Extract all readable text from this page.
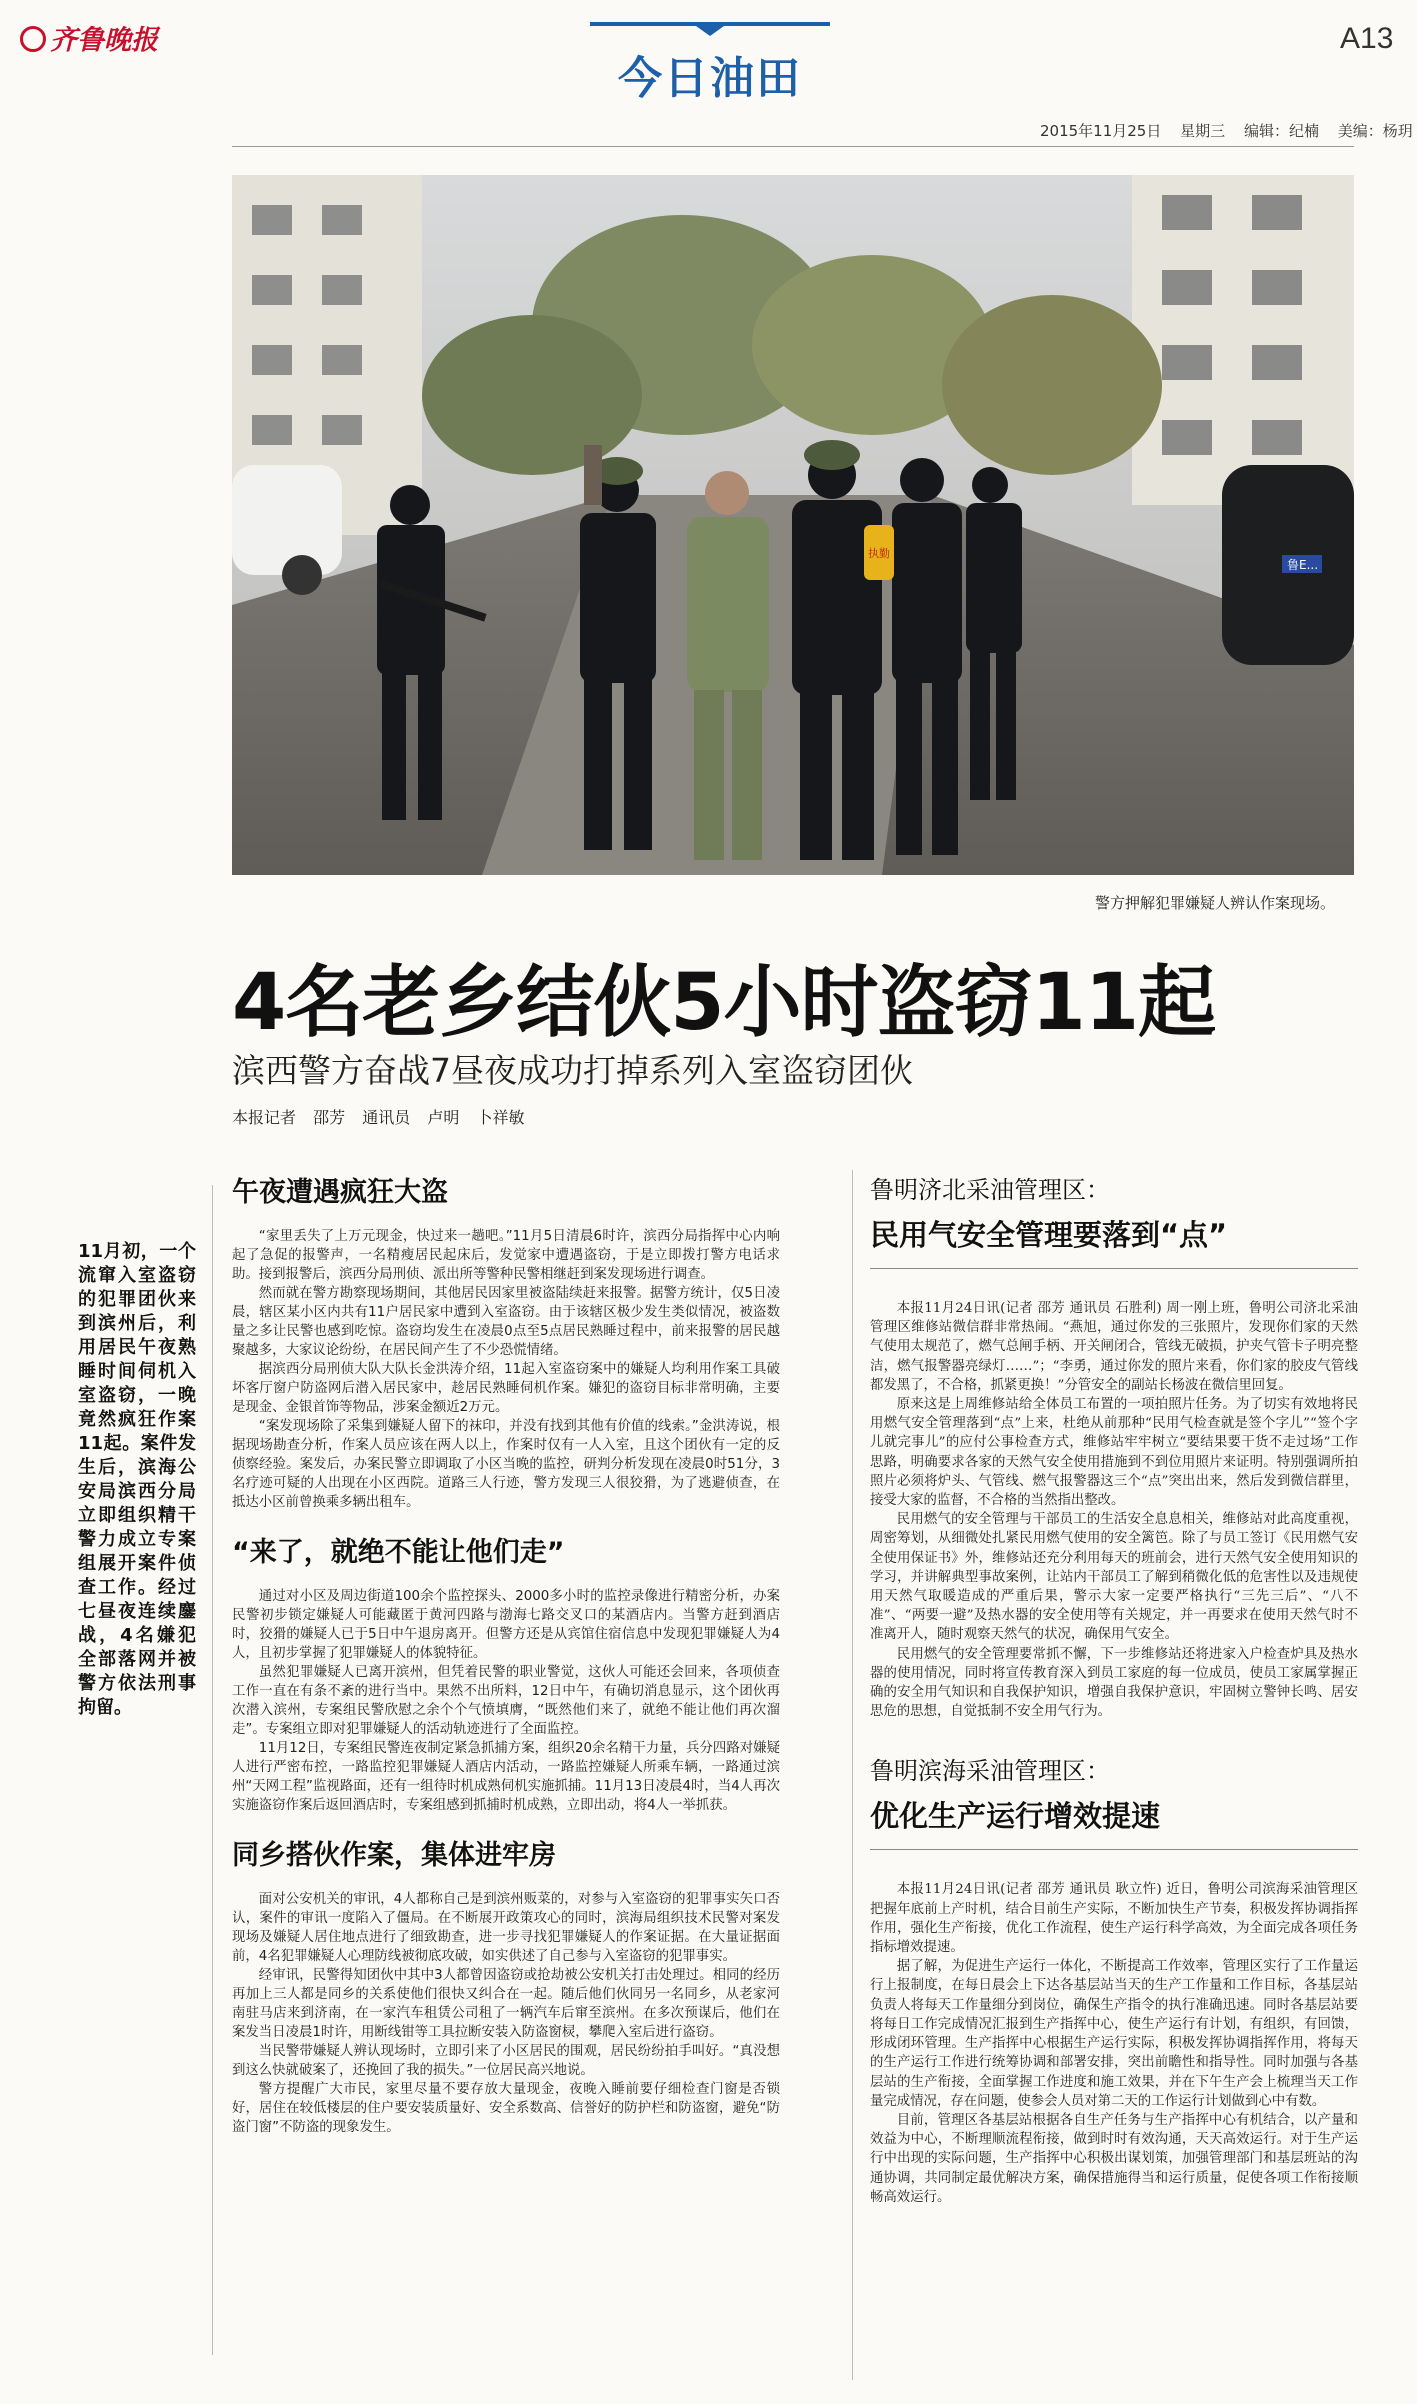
齐鲁晚报
今日油田
A13
2015年11月25日 星期三 编辑：纪楠 美编：杨玥
鲁E...
执勤
警方押解犯罪嫌疑人辨认作案现场。
4名老乡结伙5小时盗窃11起
滨西警方奋战7昼夜成功打掉系列入室盗窃团伙
本报记者 邵芳 通讯员 卢明 卜祥敏
11月初，一个流窜入室盗窃的犯罪团伙来到滨州后，利用居民午夜熟睡时间伺机入室盗窃，一晚竟然疯狂作案11起。案件发生后，滨海公安局滨西分局立即组织精干警力成立专案组展开案件侦查工作。经过七昼夜连续鏖战，4名嫌犯全部落网并被警方依法刑事拘留。
午夜遭遇疯狂大盗

“家里丢失了上万元现金，快过来一趟吧。”11月5日清晨6时许，滨西分局指挥中心内响起了急促的报警声，一名精瘦居民起床后，发觉家中遭遇盗窃，于是立即拨打警方电话求助。接到报警后，滨西分局刑侦、派出所等警种民警相继赶到案发现场进行调查。

然而就在警方勘察现场期间，其他居民因家里被盗陆续赶来报警。据警方统计，仅5日凌晨，辖区某小区内共有11户居民家中遭到入室盗窃。由于该辖区极少发生类似情况，被盗数量之多让民警也感到吃惊。盗窃均发生在凌晨0点至5点居民熟睡过程中，前来报警的居民越聚越多，大家议论纷纷，在居民间产生了不少恐慌情绪。

据滨西分局刑侦大队大队长金洪涛介绍，11起入室盗窃案中的嫌疑人均利用作案工具破坏客厅窗户防盗网后潜入居民家中，趁居民熟睡伺机作案。嫌犯的盗窃目标非常明确，主要是现金、金银首饰等物品，涉案金额近2万元。

“案发现场除了采集到嫌疑人留下的袜印，并没有找到其他有价值的线索。”金洪涛说，根据现场勘查分析，作案人员应该在两人以上，作案时仅有一人入室，且这个团伙有一定的反侦察经验。案发后，办案民警立即调取了小区当晚的监控，研判分析发现在凌晨0时51分，3名疗迹可疑的人出现在小区西院。道路三人行迹，警方发现三人很狡猾，为了逃避侦查，在抵达小区前曾换乘多辆出租车。

“来了，就绝不能让他们走”

通过对小区及周边街道100余个监控探头、2000多小时的监控录像进行精密分析，办案民警初步锁定嫌疑人可能藏匿于黄河四路与渤海七路交叉口的某酒店内。当警方赶到酒店时，狡猾的嫌疑人已于5日中午退房离开。但警方还是从宾馆住宿信息中发现犯罪嫌疑人为4人，且初步掌握了犯罪嫌疑人的体貌特征。

虽然犯罪嫌疑人已离开滨州，但凭着民警的职业警觉，这伙人可能还会回来，各项侦查工作一直在有条不紊的进行当中。果然不出所料，12日中午，有确切消息显示，这个团伙再次潜入滨州，专案组民警欣慰之余个个气愤填膺，“既然他们来了，就绝不能让他们再次溜走”。专案组立即对犯罪嫌疑人的活动轨迹进行了全面监控。

11月12日，专案组民警连夜制定紧急抓捕方案，组织20余名精干力量，兵分四路对嫌疑人进行严密布控，一路监控犯罪嫌疑人酒店内活动，一路监控嫌疑人所乘车辆，一路通过滨州“天网工程”监视路面，还有一组待时机成熟伺机实施抓捕。11月13日凌晨4时，当4人再次实施盗窃作案后返回酒店时，专案组感到抓捕时机成熟，立即出动，将4人一举抓获。

同乡搭伙作案，集体进牢房

面对公安机关的审讯，4人都称自己是到滨州贩菜的，对参与入室盗窃的犯罪事实矢口否认，案件的审讯一度陷入了僵局。在不断展开政策攻心的同时，滨海局组织技术民警对案发现场及嫌疑人居住地点进行了细致勘查，进一步寻找犯罪嫌疑人的作案证据。在大量证据面前，4名犯罪嫌疑人心理防线被彻底攻破，如实供述了自己参与入室盗窃的犯罪事实。

经审讯，民警得知团伙中其中3人都曾因盗窃或抢劫被公安机关打击处理过。相同的经历再加上三人都是同乡的关系使他们很快又纠合在一起。随后他们伙同另一名同乡，从老家河南驻马店来到济南，在一家汽车租赁公司租了一辆汽车后窜至滨州。在多次预谋后，他们在案发当日凌晨1时许，用断线钳等工具拉断安装入防盗窗棂，攀爬入室后进行盗窃。

当民警带嫌疑人辨认现场时，立即引来了小区居民的围观，居民纷纷拍手叫好。“真没想到这么快就破案了，还挽回了我的损失。”一位居民高兴地说。

警方提醒广大市民，家里尽量不要存放大量现金，夜晚入睡前要仔细检查门窗是否锁好，居住在较低楼层的住户要安装质量好、安全系数高、信誉好的防护栏和防盗窗，避免“防盗门窗”不防盗的现象发生。

鲁明济北采油管理区：
民用气安全管理要落到“点”

本报11月24日讯(记者 邵芳 通讯员 石胜利) 周一刚上班，鲁明公司济北采油管理区维修站微信群非常热闹。“燕旭，通过你发的三张照片，发现你们家的天然气使用太规范了，燃气总闸手柄、开关闸闭合，管线无破损，护夹气管卡子明亮整洁，燃气报警器亮绿灯……”；“李勇，通过你发的照片来看，你们家的胶皮气管线都发黑了，不合格，抓紧更换！”分管安全的副站长杨波在微信里回复。

原来这是上周维修站给全体员工布置的一项拍照片任务。为了切实有效地将民用燃气安全管理落到“点”上来，杜绝从前那种“民用气检查就是签个字儿”“签个字儿就完事儿”的应付公事检查方式，维修站牢牢树立“要结果要干货不走过场”工作思路，明确要求各家的天然气安全使用措施到不到位用照片来证明。特别强调所拍照片必须将炉头、气管线、燃气报警器这三个“点”突出出来，然后发到微信群里，接受大家的监督，不合格的当然指出整改。

民用燃气的安全管理与干部员工的生活安全息息相关，维修站对此高度重视，周密筹划，从细微处扎紧民用燃气使用的安全篱笆。除了与员工签订《民用燃气安全使用保证书》外，维修站还充分利用每天的班前会，进行天然气安全使用知识的学习，并讲解典型事故案例，让站内干部员工了解到稍微化低的危害性以及违规使用天然气取暖造成的严重后果，警示大家一定要严格执行“三先三后”、“八不准”、“两要一避”及热水器的安全使用等有关规定，并一再要求在使用天然气时不准离开人，随时观察天然气的状况，确保用气安全。

民用燃气的安全管理要常抓不懈，下一步维修站还将进家入户检查炉具及热水器的使用情况，同时将宣传教育深入到员工家庭的每一位成员，使员工家属掌握正确的安全用气知识和自我保护知识，增强自我保护意识，牢固树立警钟长鸣、居安思危的思想，自觉抵制不安全用气行为。

鲁明滨海采油管理区：
优化生产运行增效提速

本报11月24日讯(记者 邵芳 通讯员 耿立忤) 近日，鲁明公司滨海采油管理区把握年底前上产时机，结合目前生产实际，不断加快生产节奏，积极发挥协调指挥作用，强化生产衔接，优化工作流程，使生产运行科学高效，为全面完成各项任务指标增效提速。

据了解，为促进生产运行一体化，不断提高工作效率，管理区实行了工作量运行上报制度，在每日晨会上下达各基层站当天的生产工作量和工作目标，各基层站负责人将每天工作量细分到岗位，确保生产指令的执行准确迅速。同时各基层站要将每日工作完成情况汇报到生产指挥中心，使生产运行有计划，有组织，有回馈，形成闭环管理。生产指挥中心根据生产运行实际，积极发挥协调指挥作用，将每天的生产运行工作进行统筹协调和部署安排，突出前瞻性和指导性。同时加强与各基层站的生产衔接，全面掌握工作进度和施工效果，并在下午生产会上梳理当天工作量完成情况，存在问题，使参会人员对第二天的工作运行计划做到心中有数。

目前，管理区各基层站根据各自生产任务与生产指挥中心有机结合，以产量和效益为中心，不断理顺流程衔接，做到时时有效沟通，天天高效运行。对于生产运行中出现的实际问题，生产指挥中心积极出谋划策，加强管理部门和基层班站的沟通协调，共同制定最优解决方案，确保措施得当和运行质量，促使各项工作衔接顺畅高效运行。
